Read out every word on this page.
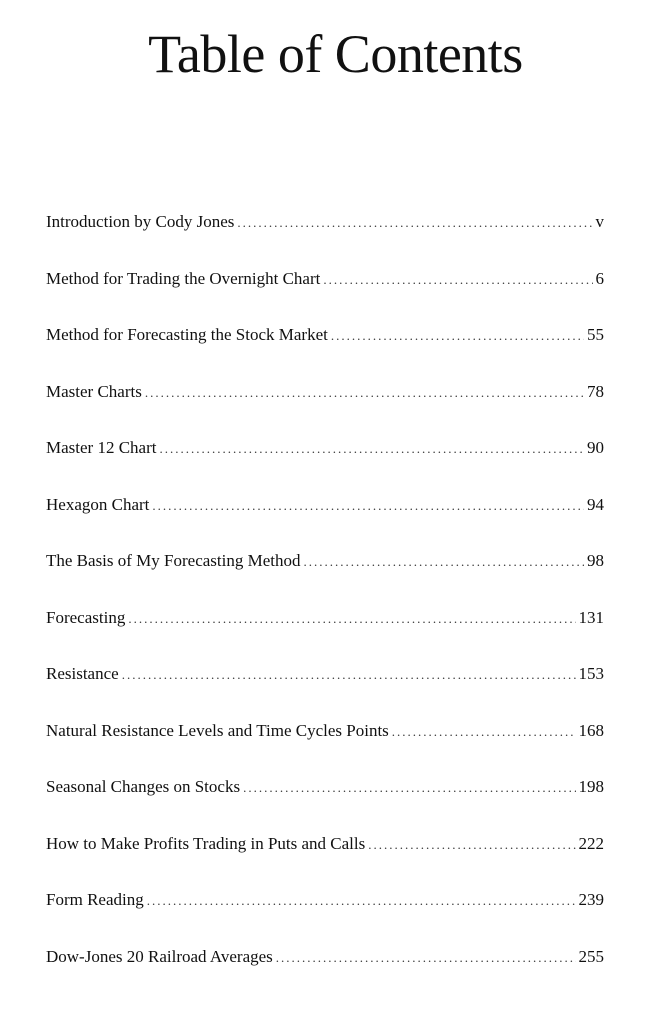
Table of Contents
Introduction by Cody Jones .....	v
Method for Trading the Overnight Chart .....	6
Method for Forecasting the Stock Market .....	55
Master Charts .....	78
Master 12 Chart .....	90
Hexagon Chart .....	94
The Basis of My Forecasting Method .....	98
Forecasting .....	131
Resistance .....	153
Natural Resistance Levels and Time Cycles Points .....	168
Seasonal Changes on Stocks .....	198
How to Make Profits Trading in Puts and Calls .....	222
Form Reading .....	239
Dow-Jones 20 Railroad Averages .....	255
